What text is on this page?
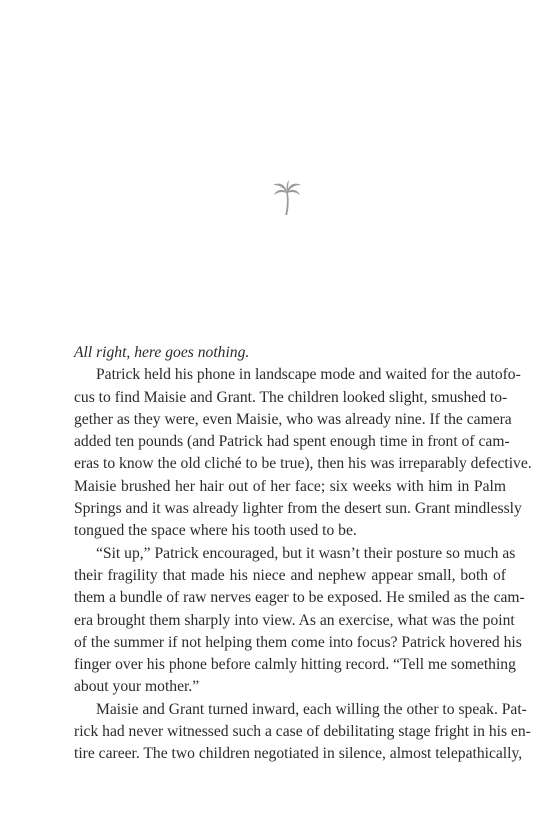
All right, here goes nothing.

Patrick held his phone in landscape mode and waited for the autofo-
cus to find Maisie and Grant. The children looked slight, smushed to-
gether as they were, even Maisie, who was already nine. If the camera
added ten pounds (and Patrick had spent enough time in front of cam-
eras to know the old cliché to be true), then his was irreparably defective.
Maisie brushed her hair out of her face; six weeks with him in Palm
Springs and it was already lighter from the desert sun. Grant mindlessly
tongued the space where his tooth used to be.
“Sit up,” Patrick encouraged, but it wasn’t their posture so much as
their fragility that made his niece and nephew appear small, both of
them a bundle of raw nerves eager to be exposed. He smiled as the cam-
era brought them sharply into view. As an exercise, what was the point
of the summer if not helping them come into focus? Patrick hovered his
finger over his phone before calmly hitting record. “Tell me something
about your mother.”
Maisie and Grant turned inward, each willing the other to speak. Pat-
rick had never witnessed such a case of debilitating stage fright in his en-
tire career. The two children negotiated in silence, almost telepathically,
